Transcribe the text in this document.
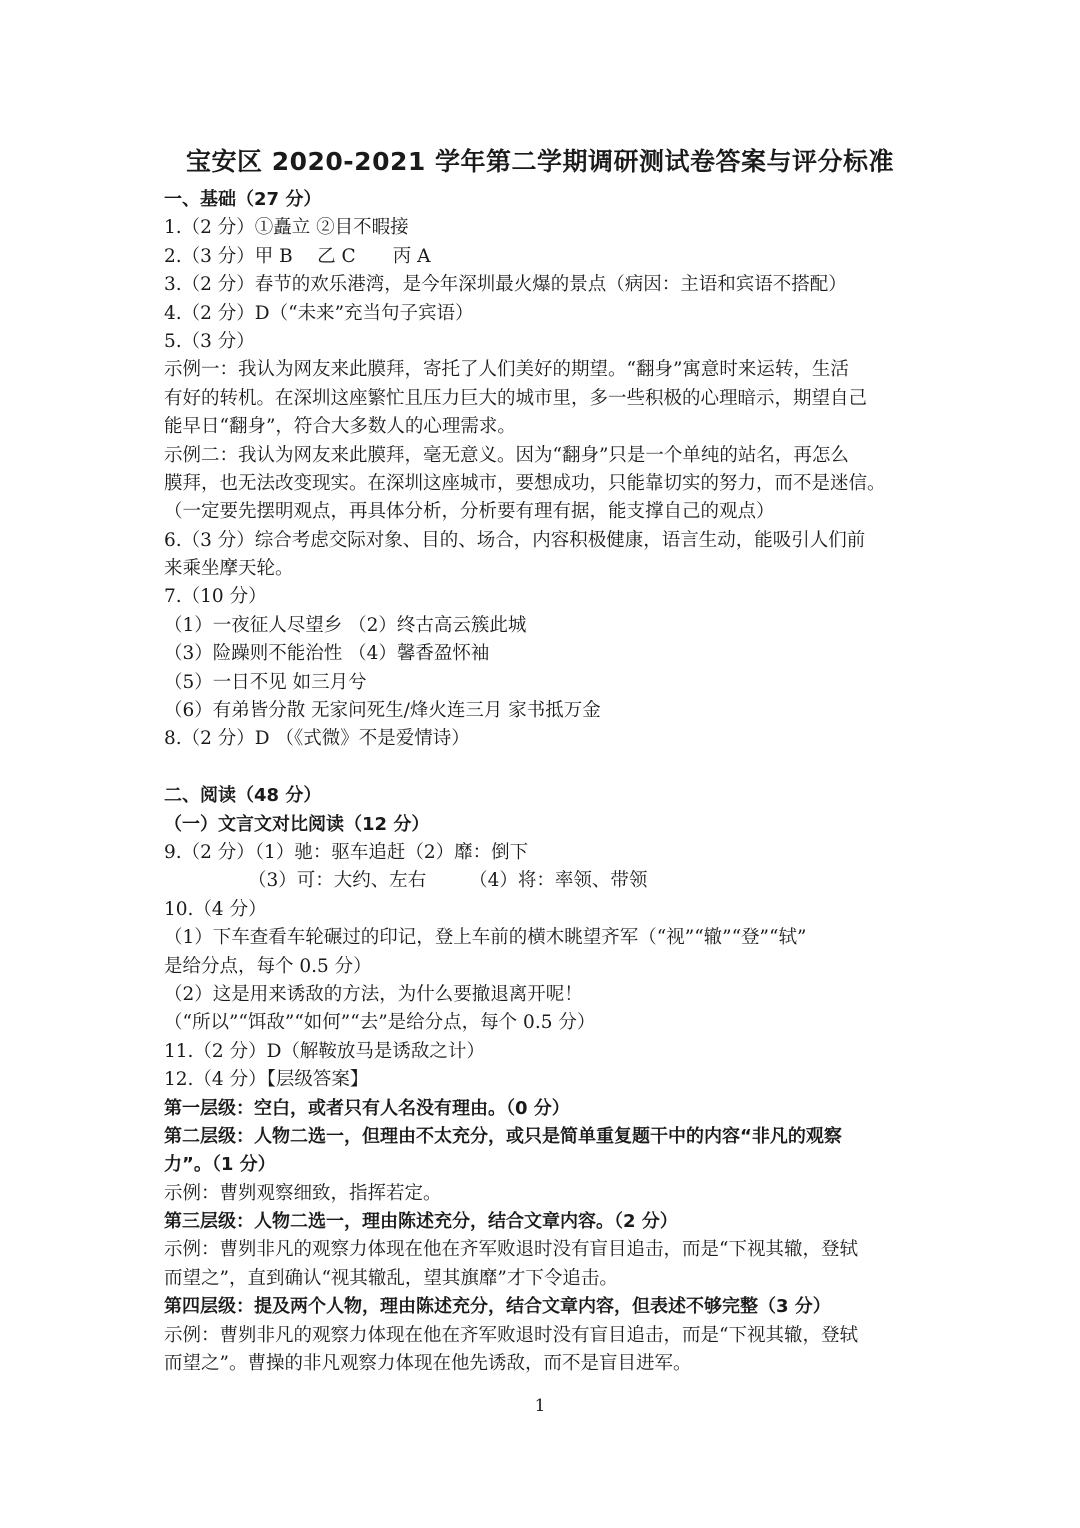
宝安区 2020-2021 学年第二学期调研测试卷答案与评分标准
一、基础（27 分）
1.（2 分）①矗立 ②目不暇接
2.（3 分）甲 B　 乙 C　　丙 A
3.（2 分）春节的欢乐港湾，是今年深圳最火爆的景点（病因：主语和宾语不搭配）
4.（2 分）D（“未来”充当句子宾语）
5.（3 分）
示例一：我认为网友来此膜拜，寄托了人们美好的期望。“翻身”寓意时来运转，生活
有好的转机。在深圳这座繁忙且压力巨大的城市里，多一些积极的心理暗示，期望自己
能早日“翻身”，符合大多数人的心理需求。
示例二：我认为网友来此膜拜，毫无意义。因为“翻身”只是一个单纯的站名，再怎么
膜拜，也无法改变现实。在深圳这座城市，要想成功，只能靠切实的努力，而不是迷信。
（一定要先摆明观点，再具体分析，分析要有理有据，能支撑自己的观点）
6.（3 分）综合考虑交际对象、目的、场合，内容积极健康，语言生动，能吸引人们前
来乘坐摩天轮。
7.（10 分）
（1）一夜征人尽望乡 （2）终古高云簇此城
（3）险躁则不能治性 （4）馨香盈怀袖
（5）一日不见 如三月兮
（6）有弟皆分散 无家问死生/烽火连三月 家书抵万金
8.（2 分）D （《式微》不是爱情诗）
二、阅读（48 分）
（一）文言文对比阅读（12 分）
9.（2 分）（1）驰：驱车追赶（2）靡：倒下
（3）可：大约、左右　　 （4）将：率领、带领
10.（4 分）
（1）下车查看车轮碾过的印记，登上车前的横木眺望齐军（“视”“辙”“登”“轼”
是给分点，每个 0.5 分）
（2）这是用来诱敌的方法，为什么要撤退离开呢！
（“所以”“饵敌”“如何”“去”是给分点，每个 0.5 分）
11.（2 分）D（解鞍放马是诱敌之计）
12.（4 分）【层级答案】
第一层级：空白，或者只有人名没有理由。（0 分）
第二层级：人物二选一，但理由不太充分，或只是简单重复题干中的内容“非凡的观察
力”。（1 分）
示例：曹刿观察细致，指挥若定。
第三层级：人物二选一，理由陈述充分，结合文章内容。（2 分）
示例：曹刿非凡的观察力体现在他在齐军败退时没有盲目追击，而是“下视其辙，登轼
而望之”，直到确认“视其辙乱，望其旗靡”才下令追击。
第四层级：提及两个人物，理由陈述充分，结合文章内容，但表述不够完整（3 分）
示例：曹刿非凡的观察力体现在他在齐军败退时没有盲目追击，而是“下视其辙，登轼
而望之”。曹操的非凡观察力体现在他先诱敌，而不是盲目进军。
1
